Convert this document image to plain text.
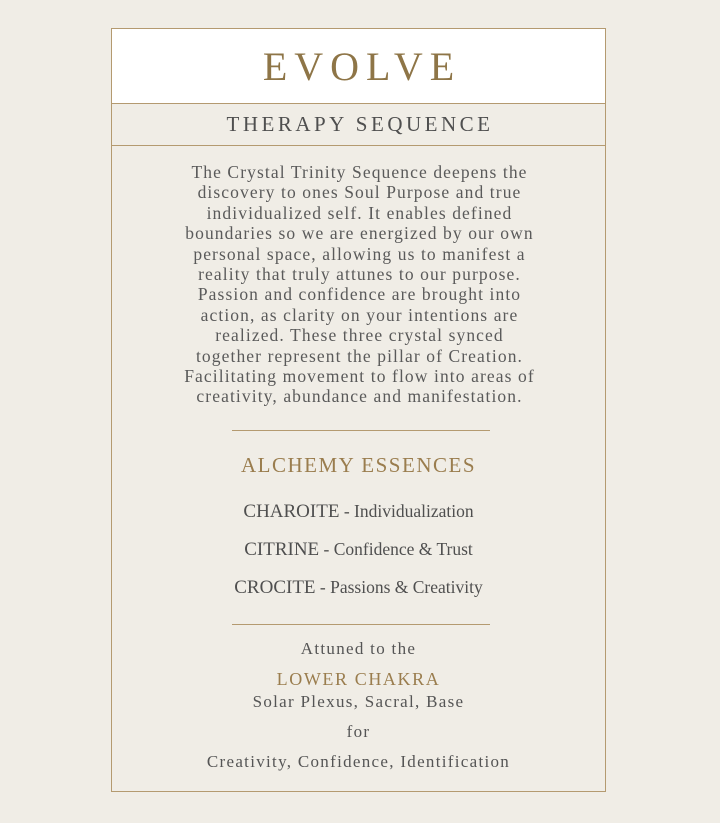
EVOLVE
THERAPY SEQUENCE
The Crystal Trinity Sequence deepens the
discovery to ones Soul Purpose and true
individualized self. It enables defined
boundaries so we are energized by our own
personal space, allowing us to manifest a
reality that truly attunes to our purpose.
Passion and confidence are brought into
action, as clarity on your intentions are
realized. These three crystal synced
together represent the pillar of Creation.
Facilitating movement to flow into areas of
creativity, abundance and manifestation.
ALCHEMY ESSENCES
CHAROITE - Individualization
CITRINE - Confidence & Trust
CROCITE - Passions & Creativity
Attuned to the
LOWER CHAKRA
Solar Plexus, Sacral, Base
for
Creativity, Confidence, Identification
